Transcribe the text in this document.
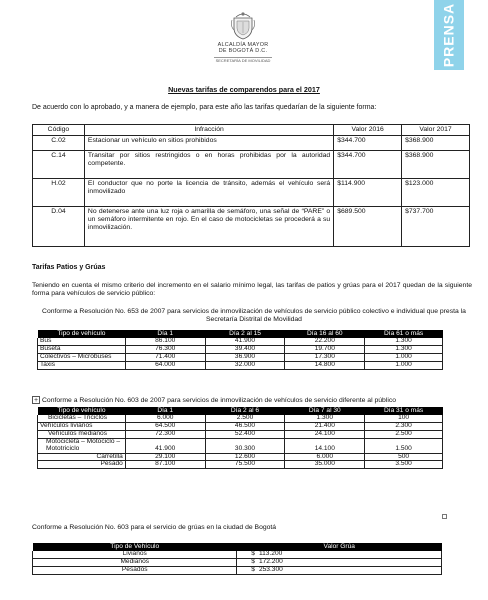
ALCALDÍA MAYOR
DE BOGOTÁ D.C.
SECRETARÍA DE MOVILIDAD	PRENSA
Nuevas tarifas de comparendos para el 2017
De acuerdo con lo aprobado, y a manera de ejemplo, para este año las tarifas quedarían de la siguiente forma:
Código	Infracción	Valor 2016	Valor 2017
C.02	Estacionar un vehículo en sitios prohibidos	$344.700	$368.900
C.14	Transitar por sitios restringidos o en horas prohibidas por la autoridad competente.	$344.700	$368.900
H.02	El conductor que no porte la licencia de tránsito, además el vehículo será inmovilizado	$114.900	$123.000
D.04	No detenerse ante una luz roja o amarilla de semáforo, una señal de “PARE” o un semáforo intermitente en rojo. En el caso de motocicletas se procederá a su inmovilización.	$689.500	$737.700
Tarifas Patios y Grúas
Teniendo en cuenta el mismo criterio del incremento en el salario mínimo legal, las tarifas de patios y grúas para el 2017 quedan de la siguiente forma para vehículos de servicio público:
Conforme a Resolución No. 653 de 2007 para servicios de inmovilización de vehículos de servicio público colectivo e individual que presta la Secretaría Distrital de Movilidad
Tipo de vehículo	Día 1	Día 2 al 15	Día 16 al 60	Día 61 o más
Bus	86.100	41.900	22.200	1.300
Buseta	76.300	39.400	19.700	1.300
Colectivos – Microbuses	71.400	36.900	17.300	1.000
Taxis	64.000	32.000	14.800	1.000
+ Conforme a Resolución No. 603 de 2007 para servicios de inmovilización de vehículos de servicio diferente al público
Tipo de vehículo	Día 1	Día 2 al 6	Día 7 al 30	Día 31 o más
Bicicletas – Triciclos	6.000	2.500	1.300	100
Vehículos livianos	64.500	46.500	21.400	2.300
Vehículos medianos	72.300	52.400	24.100	2.500
Motocicleta – Motociclo – Mototriciclo	41.900	30.300	14.100	1.500
Carretilla	29.100	12.600	6.000	500
Pesado	87.100	75.500	35.000	3.500
Conforme a Resolución No. 603 para el servicio de grúas en la ciudad de Bogotá
Tipo de Vehículo	Valor Grúa	
Livianos	$	113.200
Medianos	$	172.200
Pesados	$	253.300
